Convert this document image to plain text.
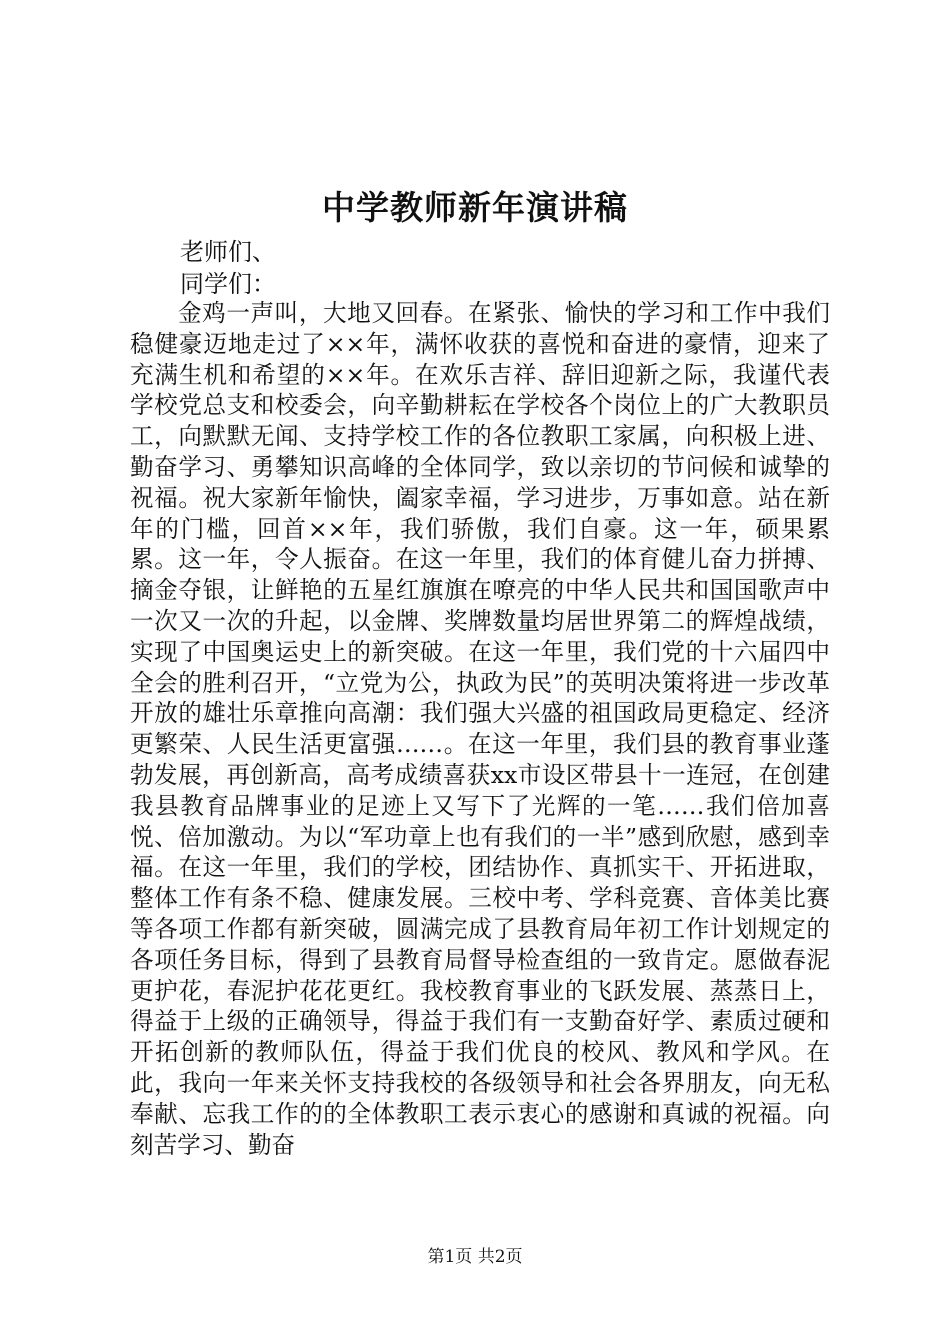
中学教师新年演讲稿
老师们、
同学们：

金鸡一声叫，大地又回春。在紧张、愉快的学习和工作中我们稳健豪迈地走过了××年，满怀收获的喜悦和奋进的豪情，迎来了充满生机和希望的××年。在欢乐吉祥、辞旧迎新之际，我谨代表学校党总支和校委会，向辛勤耕耘在学校各个岗位上的广大教职员工，向默默无闻、支持学校工作的各位教职工家属，向积极上进、勤奋学习、勇攀知识高峰的全体同学，致以亲切的节问候和诚挚的祝福。祝大家新年愉快，阖家幸福，学习进步，万事如意。站在新年的门槛，回首××年，我们骄傲，我们自豪。这一年，硕果累累。这一年，令人振奋。在这一年里，我们的体育健儿奋力拼搏、摘金夺银，让鲜艳的五星红旗旗在嘹亮的中华人民共和国国歌声中一次又一次的升起，以金牌、奖牌数量均居世界第二的辉煌战绩，实现了中国奥运史上的新突破。在这一年里，我们党的十六届四中全会的胜利召开，“立党为公，执政为民”的英明决策将进一步改革开放的雄壮乐章推向高潮：我们强大兴盛的祖国政局更稳定、经济更繁荣、人民生活更富强……。在这一年里，我们县的教育事业蓬勃发展，再创新高，高考成绩喜获xx市设区带县十一连冠，在创建我县教育品牌事业的足迹上又写下了光辉的一笔……我们倍加喜悦、倍加激动。为以“军功章上也有我们的一半”感到欣慰，感到幸福。在这一年里，我们的学校，团结协作、真抓实干、开拓进取，整体工作有条不稳、健康发展。三校中考、学科竞赛、音体美比赛等各项工作都有新突破，圆满完成了县教育局年初工作计划规定的各项任务目标，得到了县教育局督导检查组的一致肯定。愿做春泥更护花，春泥护花花更红。我校教育事业的飞跃发展、蒸蒸日上，得益于上级的正确领导，得益于我们有一支勤奋好学、素质过硬和开拓创新的教师队伍，得益于我们优良的校风、教风和学风。在此，我向一年来关怀支持我校的各级领导和社会各界朋友，向无私奉献、忘我工作的的全体教职工表示衷心的感谢和真诚的祝福。向刻苦学习、勤奋

第1页 共2页
